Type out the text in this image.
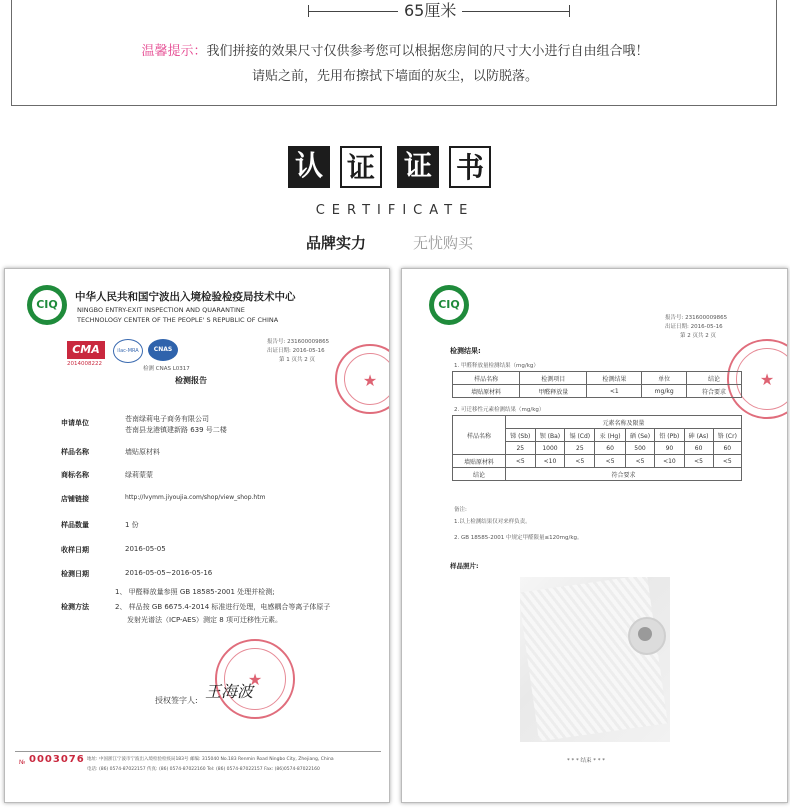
65厘米
温馨提示：我们拼接的效果尺寸仅供参考您可以根据您房间的尺寸大小进行自由组合哦！
请贴之前，先用布擦拭下墙面的灰尘，以防脱落。
认 证 证 书
CERTIFICATE
品牌实力	无忧购买
CIQ
中华人民共和国宁波出入境检验检疫局技术中心
NINGBO ENTRY-EXIT INSPECTION AND QUARANTINE
TECHNOLOGY CENTER OF THE PEOPLE' S REPUBLIC OF CHINA
CMA
2014008222
ilac-MRA	CNAS
检测 CNAS L0317
报告号: 231600009865
出证日期: 2016-05-16
第 1 页共 2 页
检测报告	★
申请单位	苍南绿莉电子商务有限公司
苍南县龙港镇建新路 639 号二楼
样品名称	墙贴原材料
商标名称	绿莉蒙蒙
店铺链接	http://lvymm.jiyoujia.com/shop/view_shop.htm
样品数量	1 份
收样日期	2016-05-05
检测日期	2016-05-05~2016-05-16
检测方法
1、 甲醛释放量参照 GB 18585-2001 处理并检测;
2、 样品按 GB 6675.4-2014 标准进行处理，电感耦合等离子体原子
发射光谱法（ICP-AES）测定 8 项可迁移性元素。
★
授权签字人: 王海波
№ 0003076 地址: 中国浙江宁波市宁波出入境检验检疫局183号 邮编: 315040 No.183 Renmin Road Ningbo City, Zhejiang, China
电话: (86) 0574-87022157 传真: (86) 0574-87022160 Tel: (86) 0574-87022157 Fax: (86)0574-87022160
CIQ
报告号: 231600009865
出证日期: 2016-05-16
第 2 页共 2 页
★
检测结果:
1. 甲醛释放量检测结果（mg/kg）
样品名称	检测项目	检测结果	单位	结论
墙贴原材料	甲醛释放量	<1	mg/kg	符合要求
2. 可迁移性元素检测结果（mg/kg）
样品名称	元素名称及限量							
	锑 (Sb)	钡 (Ba)	镉 (Cd)	汞 (Hg)	硒 (Se)	铅 (Pb)	砷 (As)	铬 (Cr)
	25	1000	25	60	500	90	60	60
墙贴原材料	<5	<10	<5	<5	<5	<10	<5	<5
结论	符合要求							
备注:
1.以上检测结果仅对来样负责。
2. GB 18585-2001 中规定甲醛限量≤120mg/kg。
样品照片:
* * * 结束 * * *
